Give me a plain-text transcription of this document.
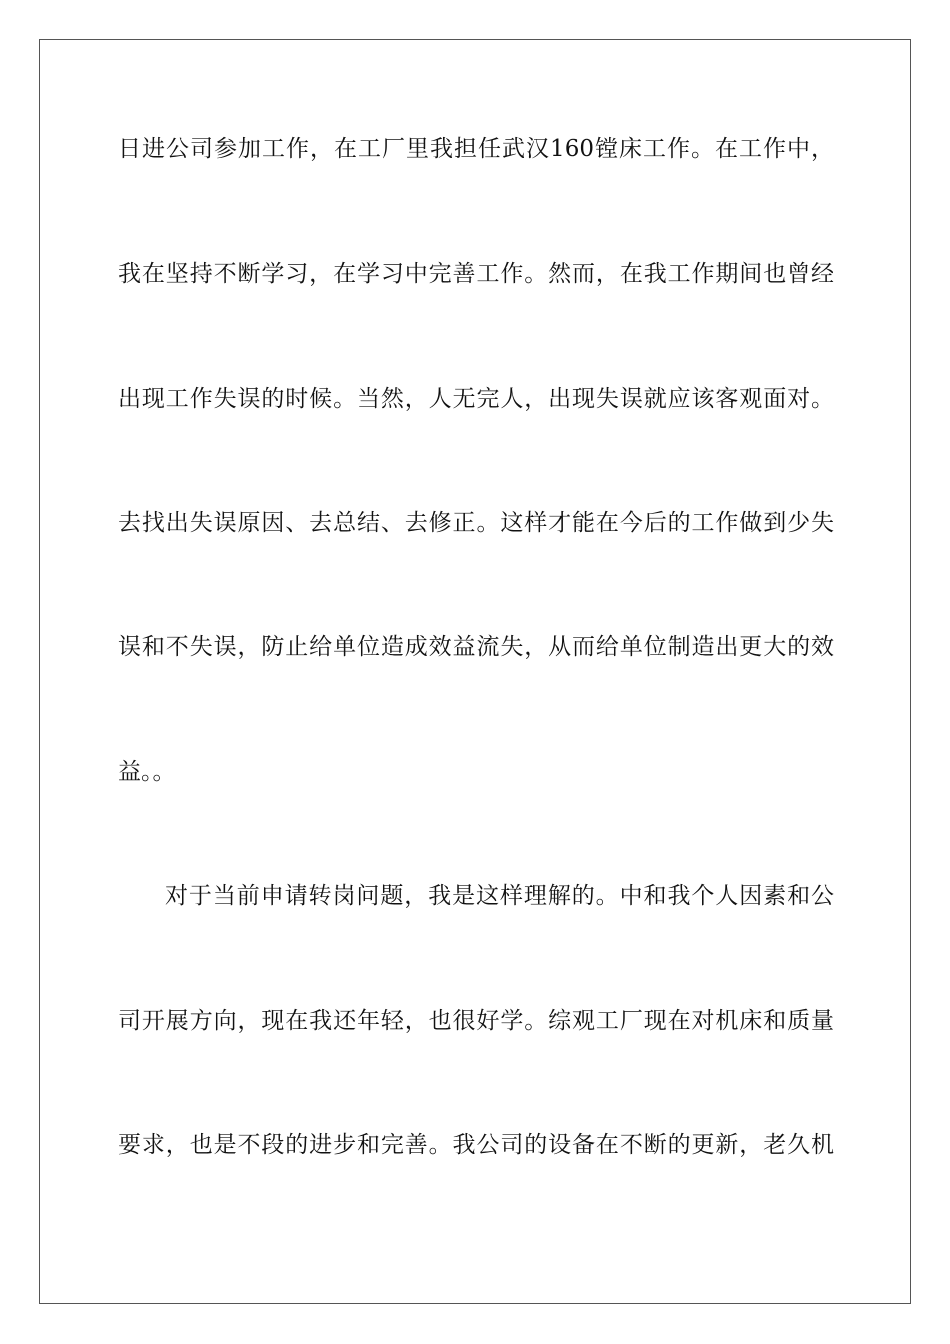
日进公司参加工作，在工厂里我担任武汉160镗床工作。在工作中，
我在坚持不断学习，在学习中完善工作。然而，在我工作期间也曾经
出现工作失误的时候。当然，人无完人，出现失误就应该客观面对。
去找出失误原因、去总结、去修正。这样才能在今后的工作做到少失
误和不失误，防止给单位造成效益流失，从而给单位制造出更大的效
益。。
对于当前申请转岗问题，我是这样理解的。中和我个人因素和公
司开展方向，现在我还年轻，也很好学。综观工厂现在对机床和质量
要求，也是不段的进步和完善。我公司的设备在不断的更新，老久机
